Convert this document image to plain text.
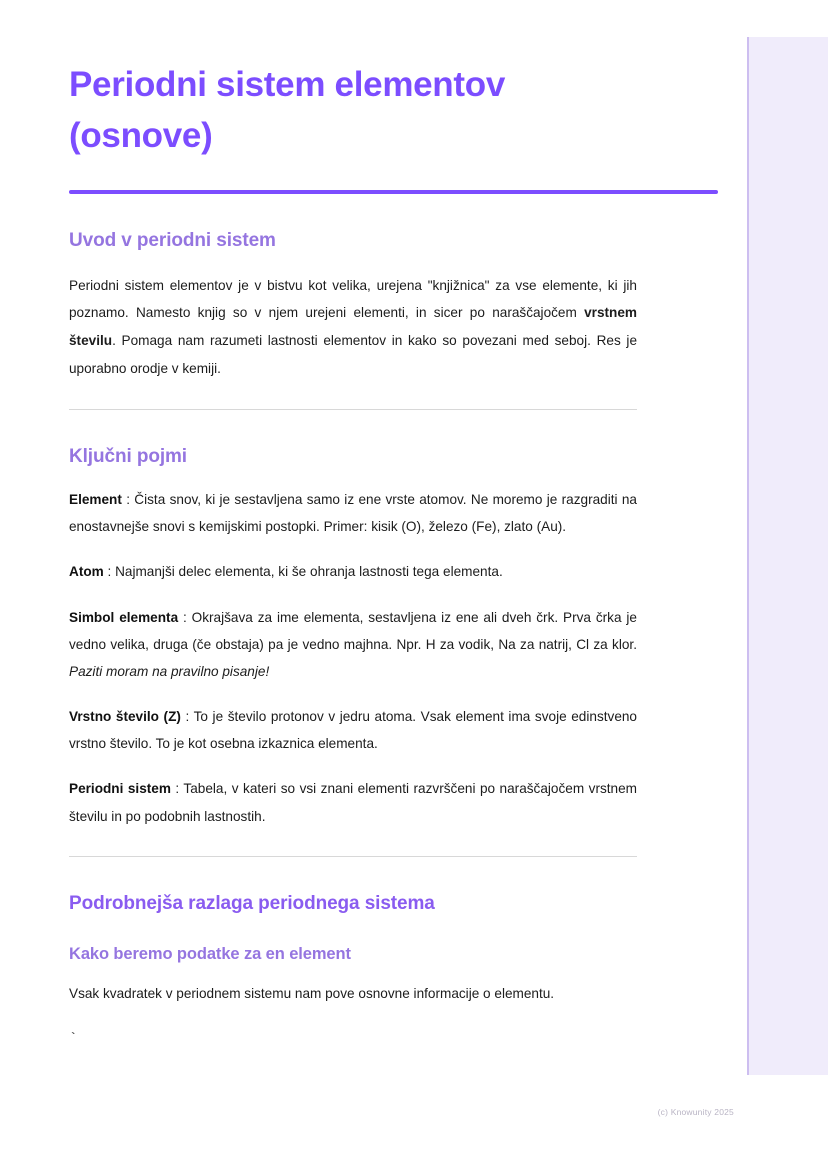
Periodni sistem elementov (osnove)
Uvod v periodni sistem

Periodni sistem elementov je v bistvu kot velika, urejena "knjižnica" za vse elemente, ki jih poznamo. Namesto knjig so v njem urejeni elementi, in sicer po naraščajočem vrstnem številu. Pomaga nam razumeti lastnosti elementov in kako so povezani med seboj. Res je uporabno orodje v kemiji.

Ključni pojmi

Element : Čista snov, ki je sestavljena samo iz ene vrste atomov. Ne moremo je razgraditi na enostavnejše snovi s kemijskimi postopki. Primer: kisik (O), železo (Fe), zlato (Au).

Atom : Najmanjši delec elementa, ki še ohranja lastnosti tega elementa.

Simbol elementa : Okrajšava za ime elementa, sestavljena iz ene ali dveh črk. Prva črka je vedno velika, druga (če obstaja) pa je vedno majhna. Npr. H za vodik, Na za natrij, Cl za klor. Paziti moram na pravilno pisanje!

Vrstno število (Z) : To je število protonov v jedru atoma. Vsak element ima svoje edinstveno vrstno število. To je kot osebna izkaznica elementa.

Periodni sistem : Tabela, v kateri so vsi znani elementi razvrščeni po naraščajočem vrstnem številu in po podobnih lastnostih.

Podrobnejša razlaga periodnega sistema
Kako beremo podatke za en element

Vsak kvadratek v periodnem sistemu nam pove osnovne informacije o elementu.

`
(c) Knowunity 2025
